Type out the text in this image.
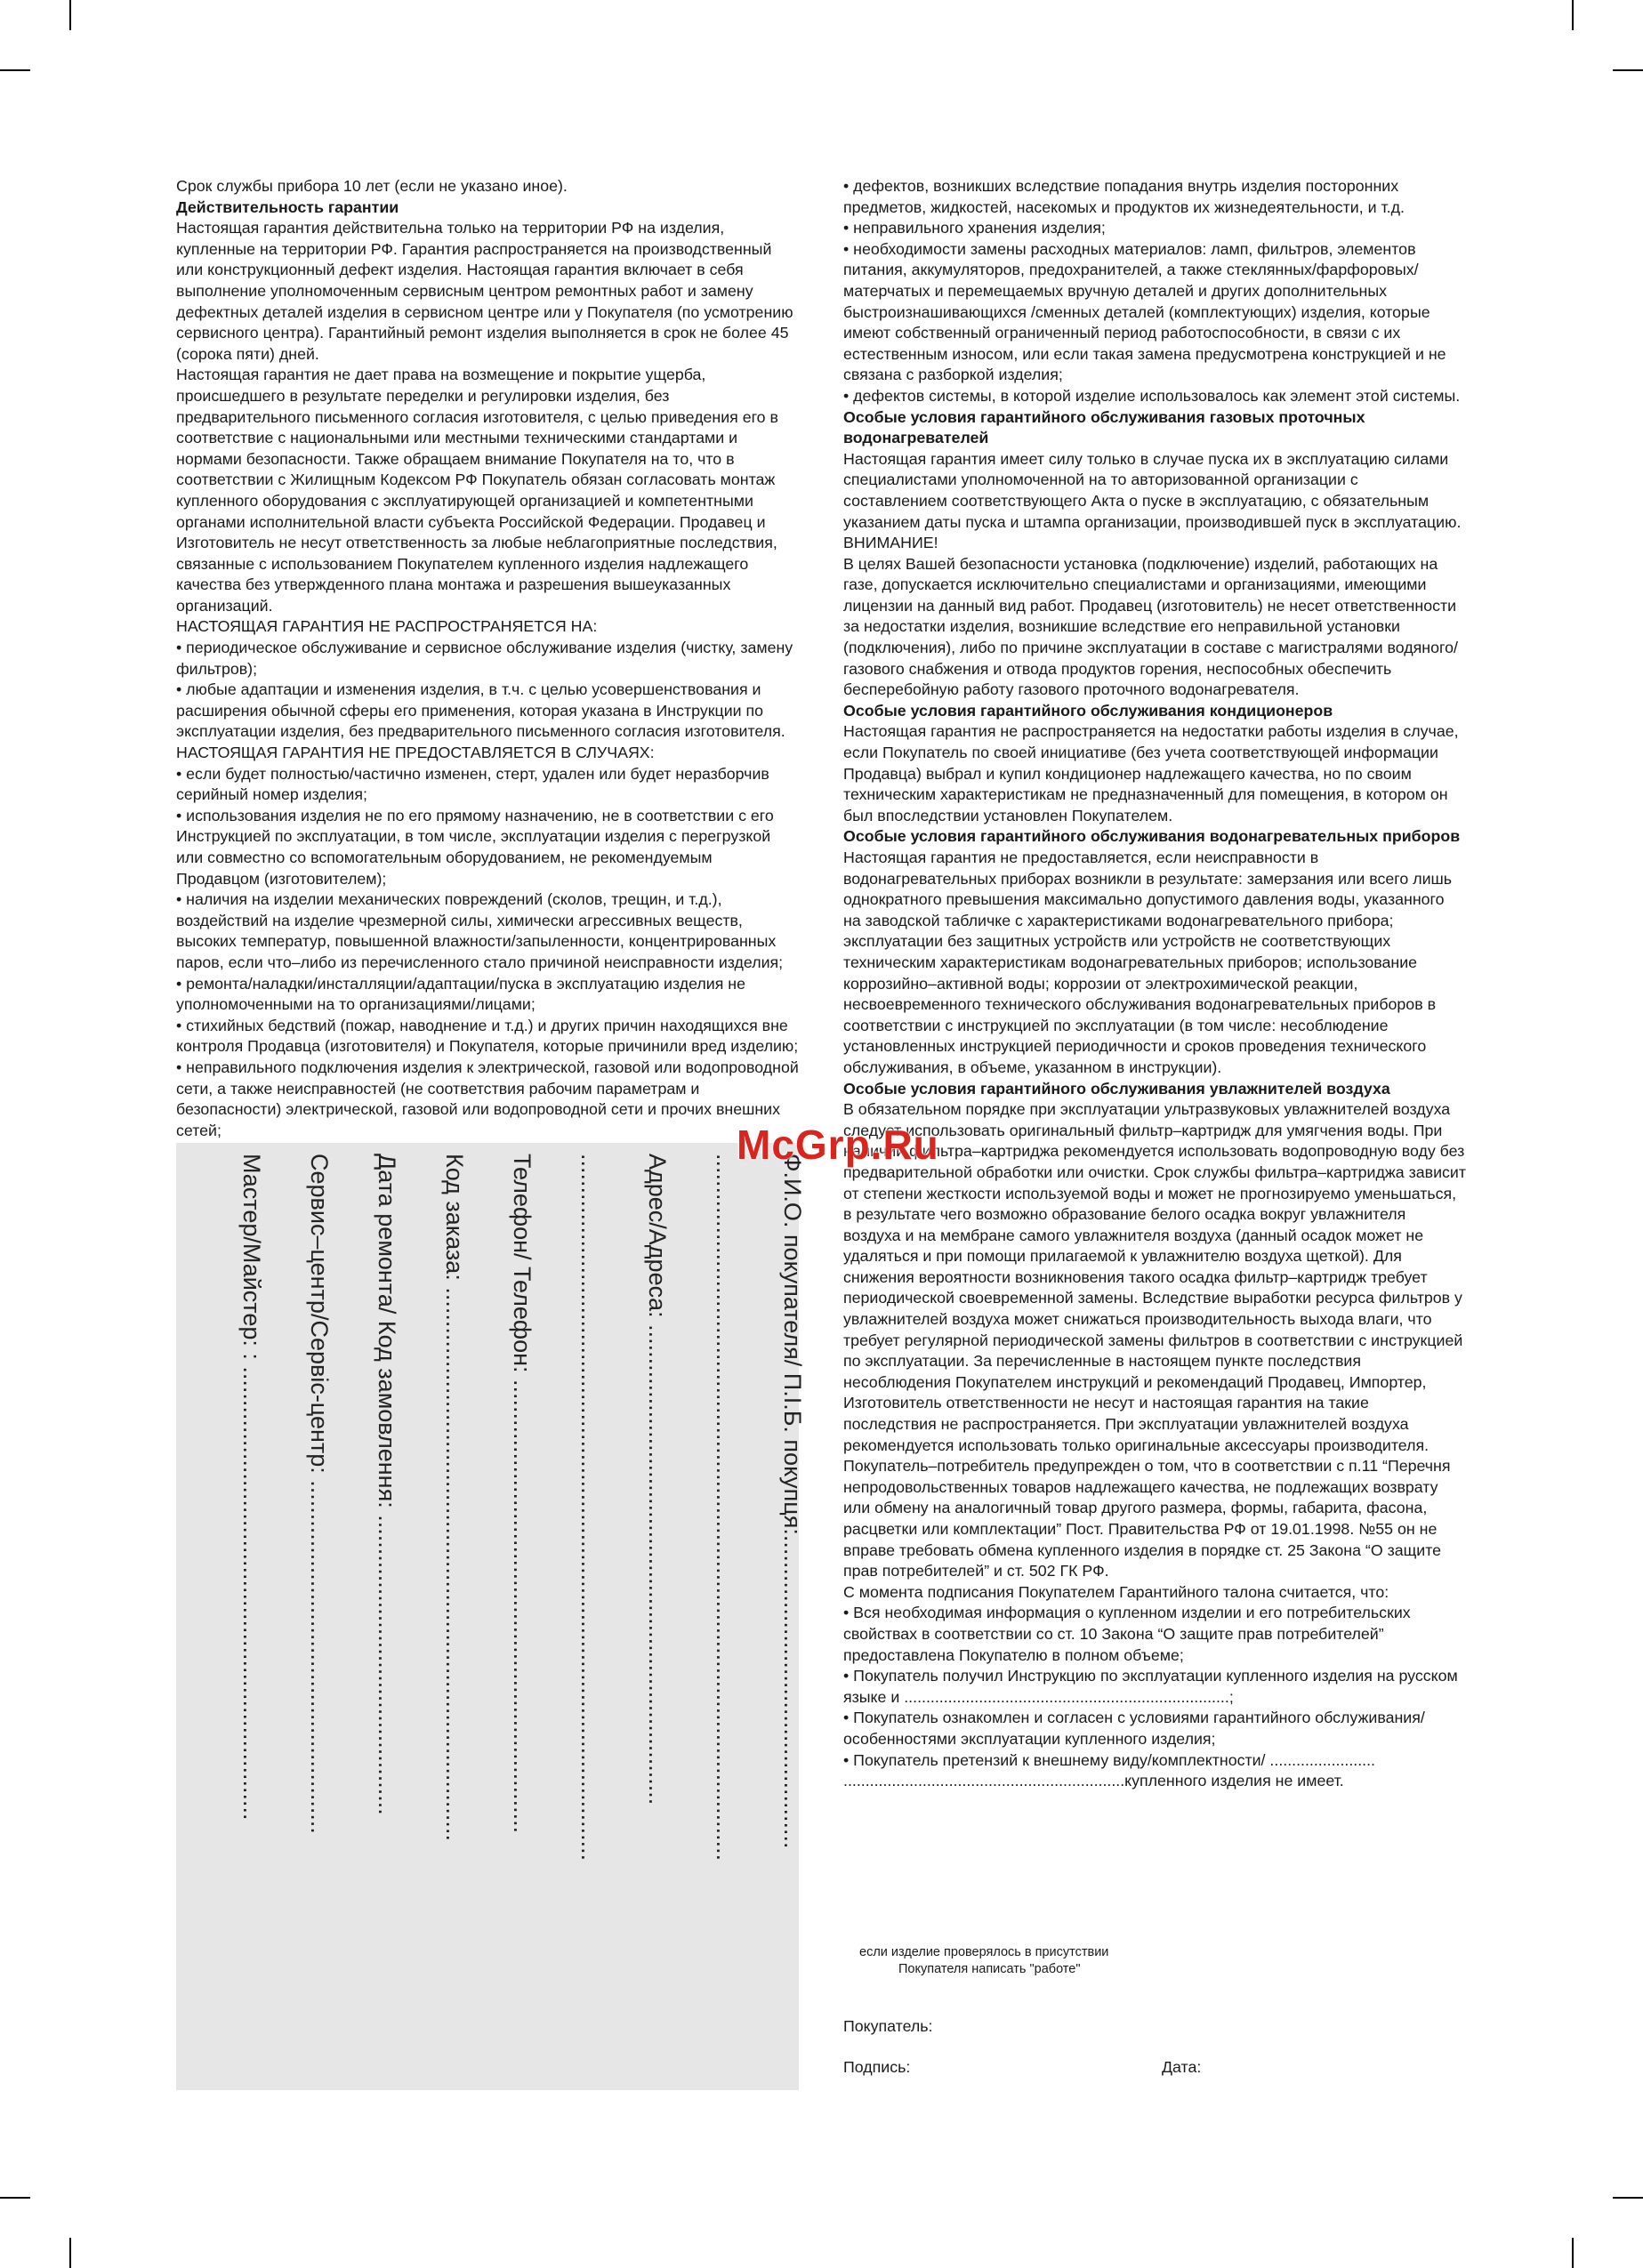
Срок службы прибора 10 лет (если не указано иное).

Действительность гарантии

Настоящая гарантия действительна только на территории РФ на изделия, купленные на территории РФ. Гарантия распространяется на производственный или конструкционный дефект изделия. Настоящая гарантия включает в себя выполнение уполномоченным сервисным центром ремонтных работ и замену дефектных деталей изделия в сервисном центре или у Покупателя (по усмотрению сервисного центра). Гарантийный ремонт изделия выполняется в срок не более 45 (сорока пяти) дней.

Настоящая гарантия не дает права на возмещение и покрытие ущерба, происшедшего в результате переделки и регулировки изделия, без предварительного письменного согласия изготовителя, с целью приведения его в соответствие с национальными или местными техническими стандартами и нормами безопасности. Также обращаем внимание Покупателя на то, что в соответствии с Жилищным Кодексом РФ Покупатель обязан согласовать монтаж купленного оборудования с эксплуатирующей организацией и компетентными органами исполнительной власти субъекта Российской Федерации. Продавец и Изготовитель не несут ответственность за любые неблагоприятные последствия, связанные с использованием Покупателем купленного изделия надлежащего качества без утвержденного плана монтажа и разрешения вышеуказанных организаций.

НАСТОЯЩАЯ ГАРАНТИЯ НЕ РАСПРОСТРАНЯЕТСЯ НА:

• периодическое обслуживание и сервисное обслуживание изделия (чистку, замену фильтров);

• любые адаптации и изменения изделия, в т.ч. с целью усовершенствования и расширения обычной сферы его применения, которая указана в Инструкции по эксплуатации изделия, без предварительного письменного согласия изготовителя.

НАСТОЯЩАЯ ГАРАНТИЯ НЕ ПРЕДОСТАВЛЯЕТСЯ В СЛУЧАЯХ:

• если будет полностью/частично изменен, стерт, удален или будет неразборчив серийный номер изделия;

• использования изделия не по его прямому назначению, не в соответствии с его Инструкцией по эксплуатации, в том числе, эксплуатации изделия с перегрузкой или совместно со вспомогательным оборудованием, не рекомендуемым Продавцом (изготовителем);

• наличия на изделии механических повреждений (сколов, трещин, и т.д.), воздействий на изделие чрезмерной силы, химически агрессивных веществ, высоких температур, повышенной влажности/запыленности, концентрированных паров, если что–либо из перечисленного стало причиной неисправности изделия;

• ремонта/наладки/инсталляции/адаптации/пуска в эксплуатацию изделия не уполномоченными на то организациями/лицами;

• стихийных бедствий (пожар, наводнение и т.д.) и других причин находящихся вне контроля Продавца (изготовителя) и Покупателя, которые причинили вред изделию;

• неправильного подключения изделия к электрической, газовой или водопроводной сети, а также неисправностей (не соответствия рабочим параметрам и безопасности) электрической, газовой или водопроводной сети и прочих внешних сетей;

• дефектов, возникших вследствие попадания внутрь изделия посторонних предметов, жидкостей, насекомых и продуктов их жизнедеятельности, и т.д.

• неправильного хранения изделия;

• необходимости замены расходных материалов: ламп, фильтров, элементов питания, аккумуляторов, предохранителей, а также стеклянных/фарфоровых/матерчатых и перемещаемых вручную деталей и других дополнительных быстроизнашивающихся /сменных деталей (комплектующих) изделия, которые имеют собственный ограниченный период работоспособности, в связи с их естественным износом, или если такая замена предусмотрена конструкцией и не связана с разборкой изделия;

• дефектов системы, в которой изделие использовалось как элемент этой системы.

Особые условия гарантийного обслуживания газовых проточных водонагревателей

Настоящая гарантия имеет силу только в случае пуска их в эксплуатацию силами специалистами уполномоченной на то авторизованной организации с составлением соответствующего Акта о пуске в эксплуатацию, с обязательным указанием даты пуска и штампа организации, производившей пуск в эксплуатацию.

ВНИМАНИЕ!

В целях Вашей безопасности установка (подключение) изделий, работающих на газе, допускается исключительно специалистами и организациями, имеющими лицензии на данный вид работ. Продавец (изготовитель) не несет ответственности за недостатки изделия, возникшие вследствие его неправильной установки (подключения), либо по причине эксплуатации в составе с магистралями водяного/газового снабжения и отвода продуктов горения, неспособных обеспечить бесперебойную работу газового проточного водонагревателя.

Особые условия гарантийного обслуживания кондиционеров

Настоящая гарантия не распространяется на недостатки работы изделия в случае, если Покупатель по своей инициативе (без учета соответствующей информации Продавца) выбрал и купил кондиционер надлежащего качества, но по своим техническим характеристикам не предназначенный для помещения, в котором он был впоследствии установлен Покупателем.

Особые условия гарантийного обслуживания водонагревательных приборов

Настоящая гарантия не предоставляется, если неисправности в водонагревательных приборах возникли в результате: замерзания или всего лишь однократного превышения максимально допустимого давления воды, указанного на заводской табличке с характеристиками водонагревательного прибора; эксплуатации без защитных устройств или устройств не соответствующих техническим характеристикам водонагревательных приборов; использование коррозийно–активной воды; коррозии от электрохимической реакции, несвоевременного технического обслуживания водонагревательных приборов в соответствии с инструкцией по эксплуатации (в том числе: несоблюдение установленных инструкцией периодичности и сроков проведения технического обслуживания, в объеме, указанном в инструкции).

Особые условия гарантийного обслуживания увлажнителей воздуха

В обязательном порядке при эксплуатации ультразвуковых увлажнителей воздуха следует использовать оригинальный фильтр–картридж для умягчения воды. При наличии фильтра–картриджа рекомендуется использовать водопроводную воду без предварительной обработки или очистки. Срок службы фильтра–картриджа зависит от степени жесткости используемой воды и может не прогнозируемо уменьшаться, в результате чего возможно образование белого осадка вокруг увлажнителя воздуха и на мембране самого увлажнителя воздуха (данный осадок может не удаляться и при помощи прилагаемой к увлажнителю воздуха щеткой). Для снижения вероятности возникновения такого осадка фильтр–картридж требует периодической своевременной замены. Вследствие выработки ресурса фильтров у увлажнителей воздуха может снижаться производительность выхода влаги, что требует регулярной периодической замены фильтров в соответствии с инструкцией по эксплуатации. За перечисленные в настоящем пункте последствия несоблюдения Покупателем инструкций и рекомендаций Продавец, Импортер, Изготовитель ответственности не несут и настоящая гарантия на такие последствия не распространяется. При эксплуатации увлажнителей воздуха рекомендуется использовать только оригинальные аксессуары производителя.

Покупатель–потребитель предупрежден о том, что в соответствии с п.11 “Перечня непродовольственных товаров надлежащего качества, не подлежащих возврату или обмену на аналогичный товар другого размера, формы, габарита, фасона, расцветки или комплектации” Пост. Правительства РФ от 19.01.1998. №55 он не вправе требовать обмена купленного изделия в порядке ст. 25 Закона “О защите прав потребителей” и ст. 502 ГК РФ.

С момента подписания Покупателем Гарантийного талона считается, что:

• Вся необходимая информация о купленном изделии и его потребительских свойствах в соответствии со ст. 10 Закона “О защите прав потребителей” предоставлена Покупателю в полном объеме;

• Покупатель получил Инструкцию по эксплуатации купленного изделия на русском языке и ..........................................................................;

• Покупатель ознакомлен и согласен с условиями гарантийного обслуживания/особенностями эксплуатации купленного изделия;

• Покупатель претензий к внешнему виду/комплектности/ ........................ ................................................................купленного изделия не имеет.

Ф.И.О. покупателя/ П.І.Б. покупця:...............................................
..........................................................................................................
Адрес/Адреса: ........................................................................
..........................................................................................................
Телефон/ Телефон: ....................................................................
Код заказа: ...................................................................................
Дата ремонта/ Код замовлення: .............................................
Сервис–центр/Сервіс-центр: .....................................................
Мастер/Майстер: : ....................................................................
McGrp.Ru
если изделие проверялось в присутствии
Покупателя написать "работе"
Покупатель:
Подпись:	Дата:
